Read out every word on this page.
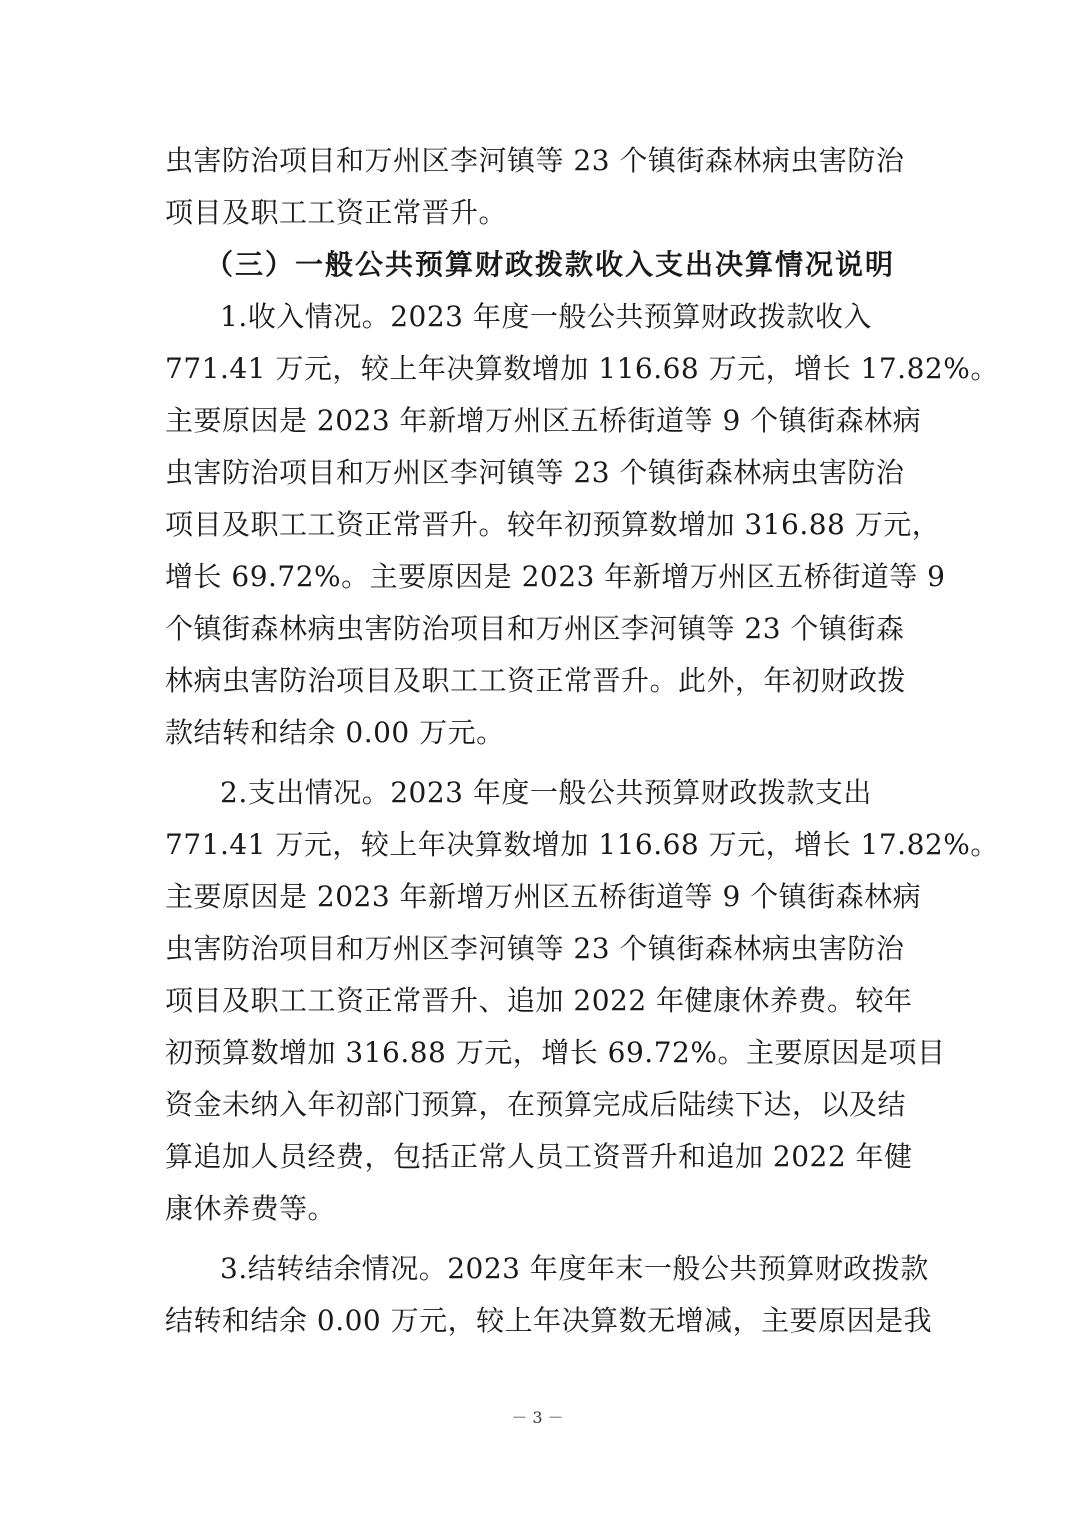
虫害防治项目和万州区李河镇等 23 个镇街森林病虫害防治
项目及职工工资正常晋升。
（三）一般公共预算财政拨款收入支出决算情况说明
1.收入情况。2023 年度一般公共预算财政拨款收入
771.41 万元，较上年决算数增加 116.68 万元，增长 17.82%。
主要原因是 2023 年新增万州区五桥街道等 9 个镇街森林病
虫害防治项目和万州区李河镇等 23 个镇街森林病虫害防治
项目及职工工资正常晋升。较年初预算数增加 316.88 万元，
增长 69.72%。主要原因是 2023 年新增万州区五桥街道等 9
个镇街森林病虫害防治项目和万州区李河镇等 23 个镇街森
林病虫害防治项目及职工工资正常晋升。此外，年初财政拨
款结转和结余 0.00 万元。
2.支出情况。2023 年度一般公共预算财政拨款支出
771.41 万元，较上年决算数增加 116.68 万元，增长 17.82%。
主要原因是 2023 年新增万州区五桥街道等 9 个镇街森林病
虫害防治项目和万州区李河镇等 23 个镇街森林病虫害防治
项目及职工工资正常晋升、追加 2022 年健康休养费。较年
初预算数增加 316.88 万元，增长 69.72%。主要原因是项目
资金未纳入年初部门预算，在预算完成后陆续下达，以及结
算追加人员经费，包括正常人员工资晋升和追加 2022 年健
康休养费等。
3.结转结余情况。2023 年度年末一般公共预算财政拨款
结转和结余 0.00 万元，较上年决算数无增减，主要原因是我
－ 3 －
